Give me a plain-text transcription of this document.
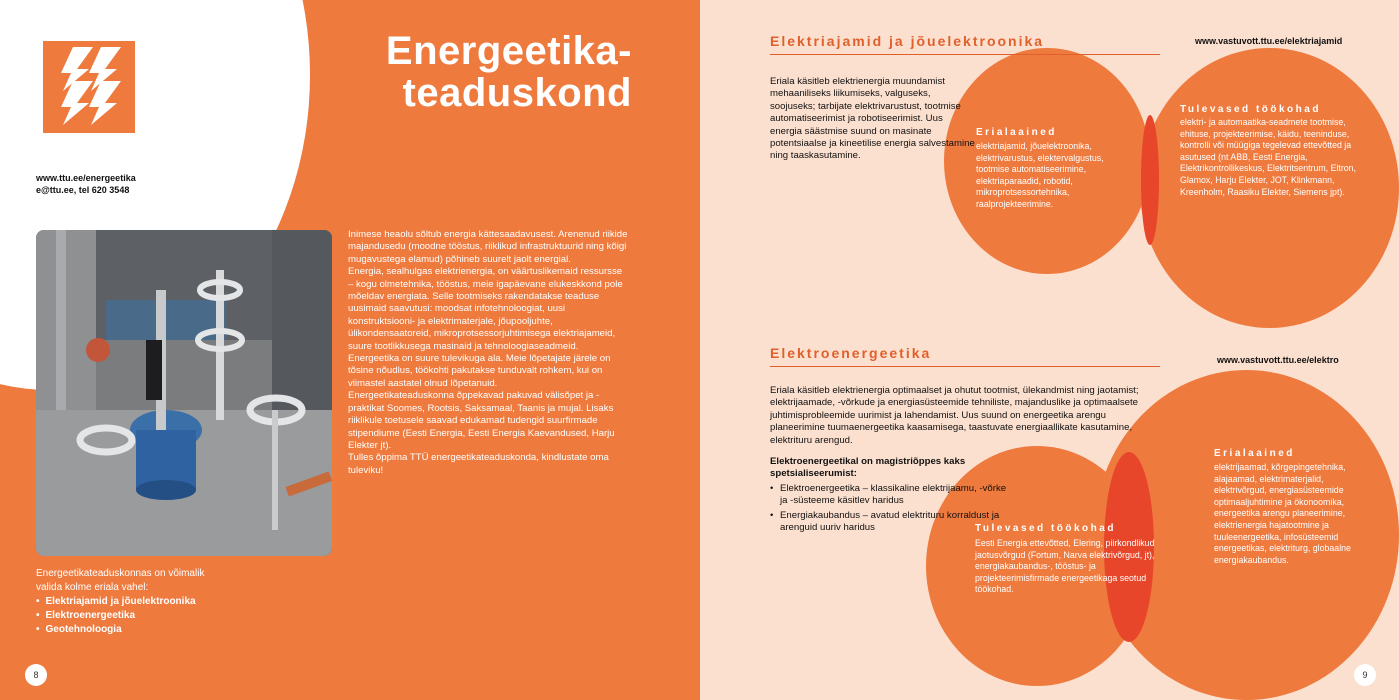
Energeetika-
teaduskond
www.ttu.ee/energeetika
e@ttu.ee, tel 620 3548

Inimese heaolu sõltub energia kättesaadavusest. Arenenud riikide majandusedu (moodne tööstus, riiklikud infrastruktuurid ning kõigi mugavustega elamud) põhineb suurelt jaolt energial.

Energia, sealhulgas elektrienergia, on väärtuslikemaid ressursse – kogu olmetehnika, tööstus, meie igapäevane elukeskkond pole mõeldav energiata. Selle tootmiseks rakendatakse teaduse uusimaid saavutusi: moodsat infotehnoloogiat, uusi konstruktsiooni- ja elektrimaterjale, jõupooljuhte, ülikondensaatoreid, mikroprotsessorjuhtimisega elektriajameid, suure tootlikkusega masinaid ja tehnoloogiaseadmeid.

Energeetika on suure tulevikuga ala. Meie lõpetajate järele on tõsine nõudlus, töökohti pakutakse tunduvalt rohkem, kui on viimastel aastatel olnud lõpetanuid.

Energeetikateaduskonna õppekavad pakuvad välisõpet ja -praktikat Soomes, Rootsis, Saksamaal, Taanis ja mujal. Lisaks riiklikule toetusele saavad edukamad tudengid suurfirmade stipendiume (Eesti Energia, Eesti Energia Kaevandused, Harju Elekter jt).

Tulles õppima TTÜ energeetikateaduskonda, kindlustate oma tuleviku!

Energeetikateaduskonnas on võimalik valida kolme eriala vahel:
• Elektriajamid ja jõuelektroonika
• Elektroenergeetika
• Geotehnoloogia
8
Elektriajamid ja jõuelektroonika	www.vastuvott.ttu.ee/elektriajamid
Eriala käsitleb elektrienergia muundamist mehaaniliseks liikumiseks, valguseks, soojuseks; tarbijate elektrivarustust, tootmise automatiseerimist ja robotiseerimist. Uus energia säästmise suund on masinate potentsiaalse ja kineetilise energia salvestamine ning taaskasutamine.
Erialaained
elektriajamid, jõuelektroonika, elektrivarustus, elektervalgustus, tootmise automatiseerimine, elektriaparaadid, robotid, mikroprotsessortehnika, raalprojekteerimine.
Tulevased töökohad
elektri- ja automaatika-seadmete tootmise, ehituse, projekteerimise, käidu, teeninduse, kontrolli või müügiga tegelevad ettevõtted ja asutused (nt ABB, Eesti Energia, Elektrikontrollikeskus, Elektritsentrum, Eltron, Glamox, Harju Elekter, JOT, Klinkmann, Kreenholm, Raasiku Elekter, Siemens jpt).
Elektroenergeetika	www.vastuvott.ttu.ee/elektro
Eriala käsitleb elektrienergia optimaalset ja ohutut tootmist, ülekandmist ning jaotamist; elektrijaamade, -võrkude ja energiasüsteemide tehniliste, majanduslike ja optimaalsete juhtimisprobleemide uurimist ja lahendamist. Uus suund on energeetika arengu planeerimine tuumaenergeetika kaasamisega, taastuvate energiaallikate kasutamine, elektrituru arengud.
Elektroenergeetikal on magistriõppes kaks spetsialiseerumist:
• Elektroenergeetika – klassikaline elektrijaamu, -võrke ja -süsteeme käsitlev haridus
• Energiakaubandus – avatud elektrituru korraldust ja arenguid uuriv haridus	Tulevased töökohad
Eesti Energia ettevõtted, Elering, piirkondlikud jaotusvõrgud (Fortum, Narva elektrivõrgud, jt), energiakaubandus-, tööstus- ja projekteerimisfirmade energeetikaga seotud töökohad.
Erialaained
elektrijaamad, kõrgepingetehnika, alajaamad, elektrimaterjalid, elektrivõrgud, energiasüsteemide optimaaljuhtimine ja ökonoomika, energeetika arengu planeerimine, elektrienergia hajatootmine ja tuuleenergeetika, infosüsteemid energeetikas, elektriturg, globaalne energiakaubandus.
9
